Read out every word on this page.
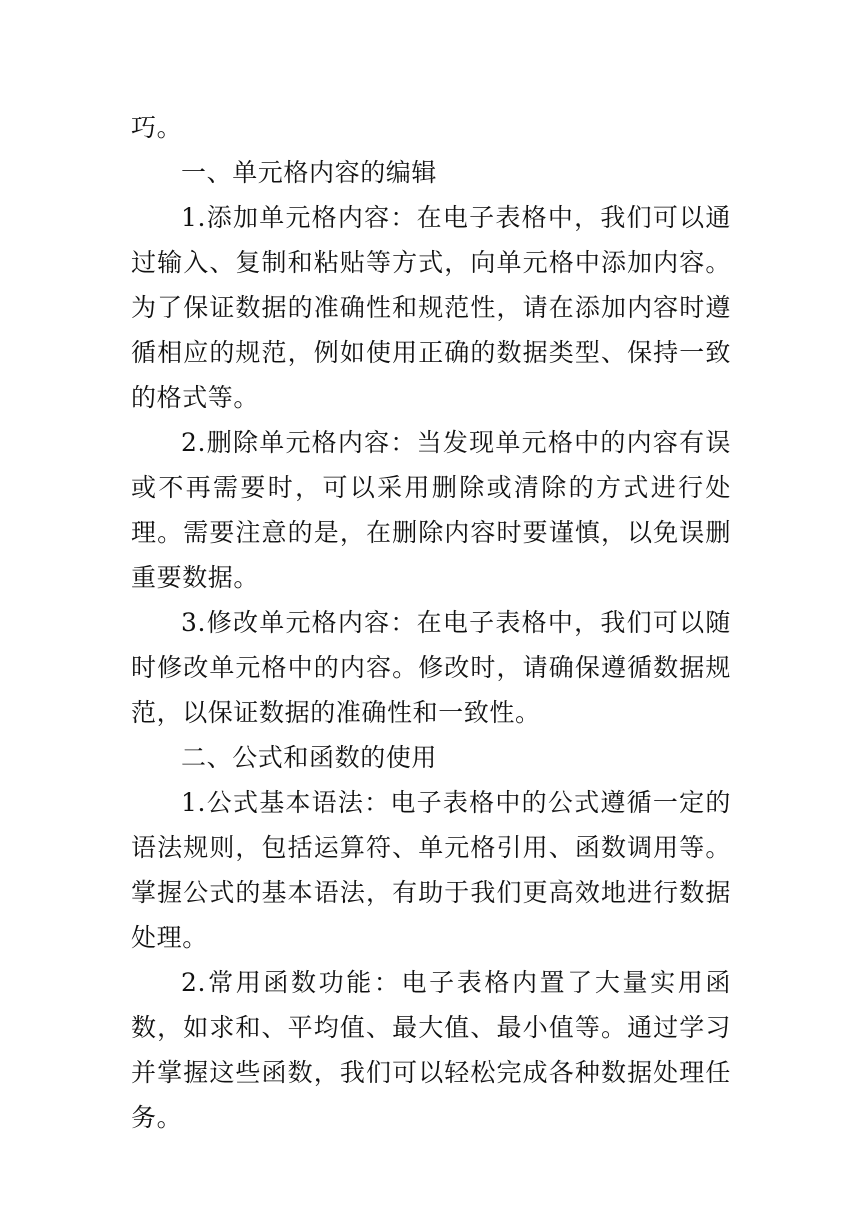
巧。

一、单元格内容的编辑

1.添加单元格内容：在电子表格中，我们可以通过输入、复制和粘贴等方式，向单元格中添加内容。为了保证数据的准确性和规范性，请在添加内容时遵循相应的规范，例如使用正确的数据类型、保持一致的格式等。

2.删除单元格内容：当发现单元格中的内容有误或不再需要时，可以采用删除或清除的方式进行处理。需要注意的是，在删除内容时要谨慎，以免误删重要数据。

3.修改单元格内容：在电子表格中，我们可以随时修改单元格中的内容。修改时，请确保遵循数据规范，以保证数据的准确性和一致性。

二、公式和函数的使用

1.公式基本语法：电子表格中的公式遵循一定的语法规则，包括运算符、单元格引用、函数调用等。掌握公式的基本语法，有助于我们更高效地进行数据处理。

2.常用函数功能：电子表格内置了大量实用函数，如求和、平均值、最大值、最小值等。通过学习并掌握这些函数，我们可以轻松完成各种数据处理任务。
